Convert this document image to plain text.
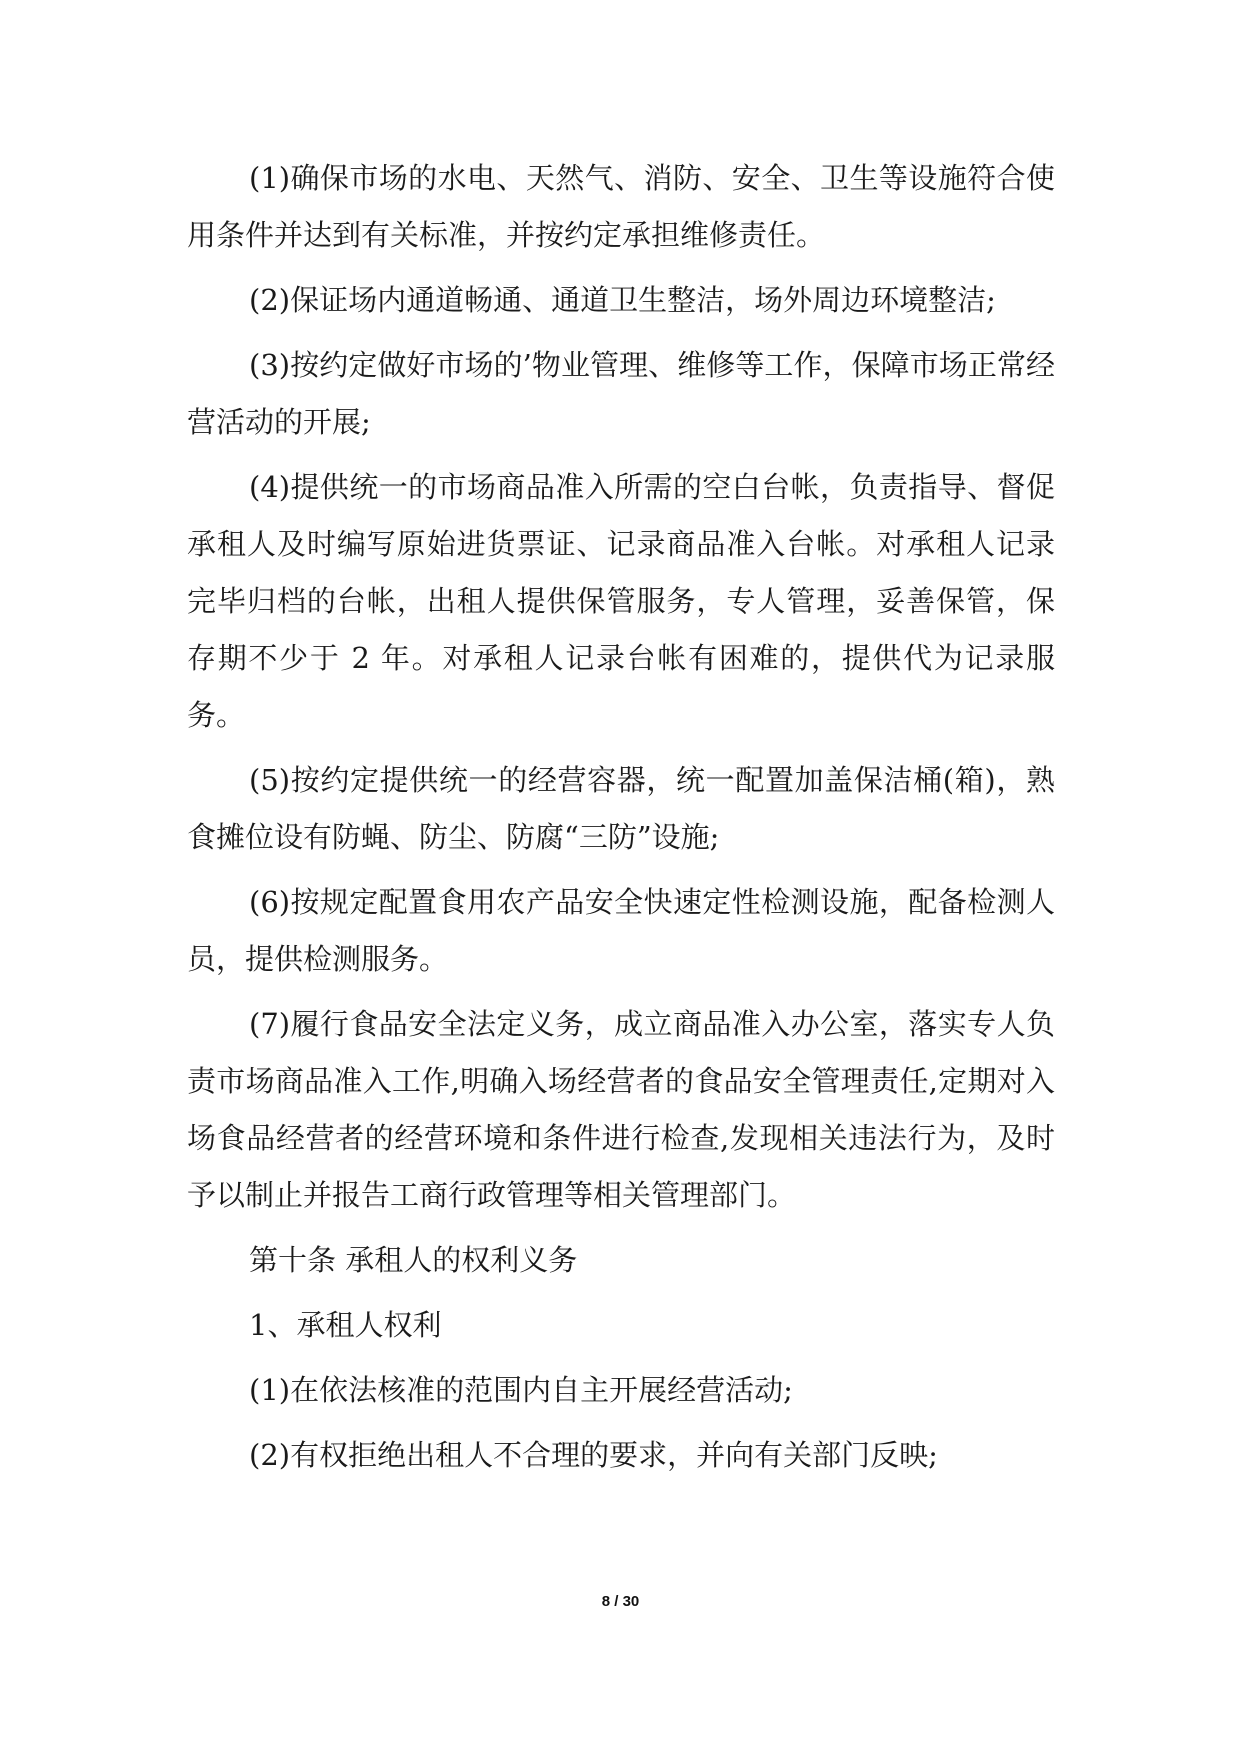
(1)确保市场的水电、天然气、消防、安全、卫生等设施符合使用条件并达到有关标准，并按约定承担维修责任。

(2)保证场内通道畅通、通道卫生整洁，场外周边环境整洁;

(3)按约定做好市场的’物业管理、维修等工作，保障市场正常经营活动的开展;

(4)提供统一的市场商品准入所需的空白台帐，负责指导、督促承租人及时编写原始进货票证、记录商品准入台帐。对承租人记录完毕归档的台帐，出租人提供保管服务，专人管理，妥善保管，保存期不少于 2 年。对承租人记录台帐有困难的，提供代为记录服务。

(5)按约定提供统一的经营容器，统一配置加盖保洁桶(箱)，熟食摊位设有防蝇、防尘、防腐“三防”设施;

(6)按规定配置食用农产品安全快速定性检测设施，配备检测人员，提供检测服务。

(7)履行食品安全法定义务，成立商品准入办公室，落实专人负责市场商品准入工作,明确入场经营者的食品安全管理责任,定期对入场食品经营者的经营环境和条件进行检查,发现相关违法行为，及时予以制止并报告工商行政管理等相关管理部门。

第十条 承租人的权利义务

1、承租人权利

(1)在依法核准的范围内自主开展经营活动;

(2)有权拒绝出租人不合理的要求，并向有关部门反映;

8 / 30
